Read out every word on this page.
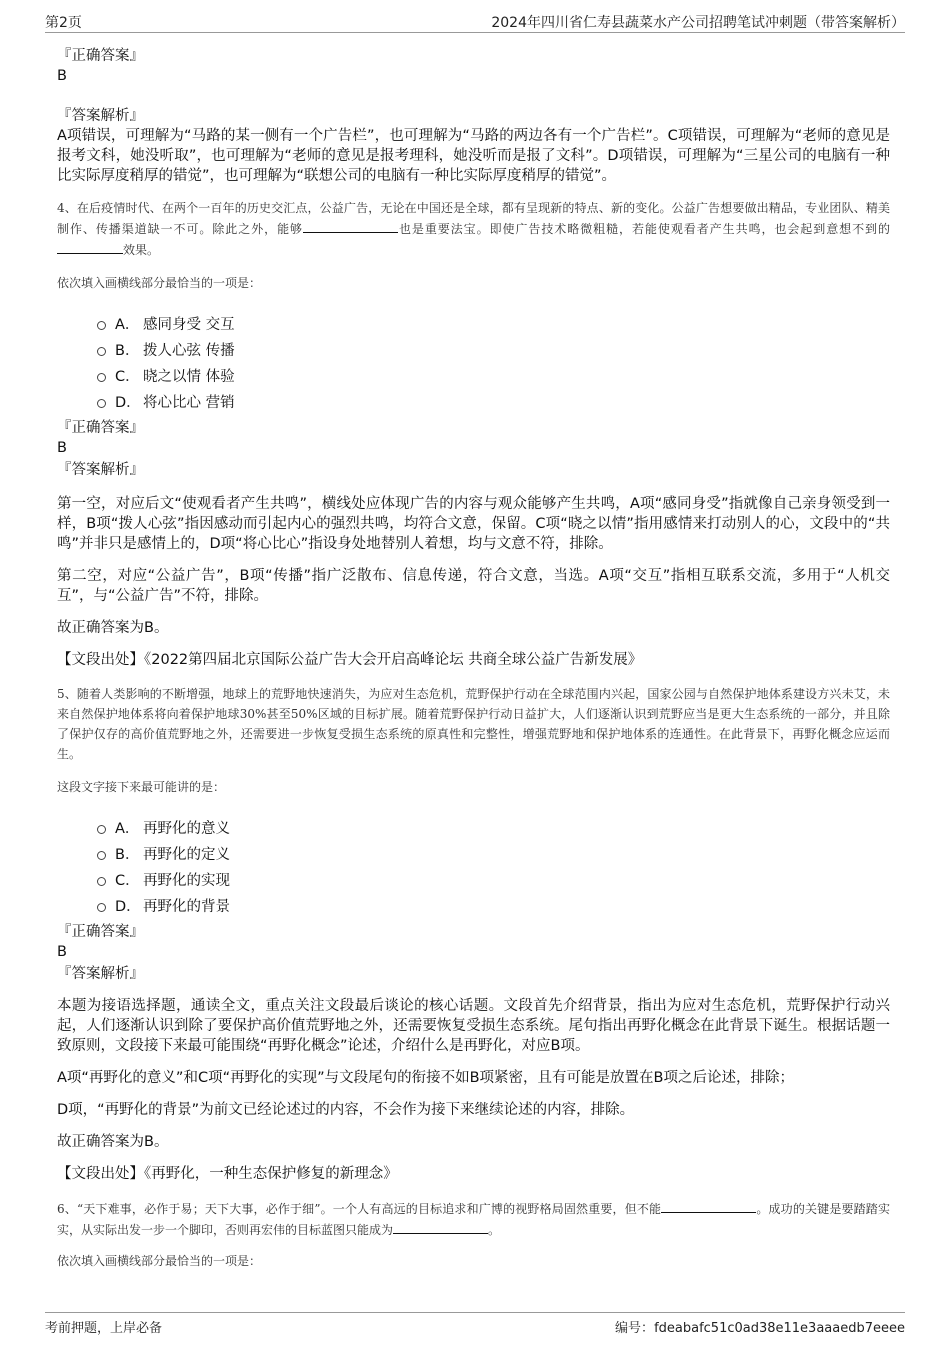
第2页	2024年四川省仁寿县蔬菜水产公司招聘笔试冲刺题（带答案解析）

『正确答案』

B

『答案解析』

A项错误，可理解为“马路的某一侧有一个广告栏”，也可理解为“马路的两边各有一个广告栏”。C项错误，可理解为“老师的意见是报考文科，她没听取”，也可理解为“老师的意见是报考理科，她没听而是报了文科”。D项错误，可理解为“三星公司的电脑有一种比实际厚度稍厚的错觉”，也可理解为“联想公司的电脑有一种比实际厚度稍厚的错觉”。

4、在后疫情时代、在两个一百年的历史交汇点，公益广告，无论在中国还是全球，都有呈现新的特点、新的变化。公益广告想要做出精品，专业团队、精美制作、传播渠道缺一不可。除此之外，能够	也是重要法宝。即使广告技术略微粗糙，若能使观看者产生共鸣，也会起到意想不到的效果。

依次填入画横线部分最恰当的一项是：
A． 感同身受 交互
B． 拨人心弦 传播
C． 晓之以情 体验
D． 将心比心 营销

『正确答案』

B

『答案解析』

第一空，对应后文“使观看者产生共鸣”，横线处应体现广告的内容与观众能够产生共鸣，A项“感同身受”指就像自己亲身领受到一样，B项“拨人心弦”指因感动而引起内心的强烈共鸣，均符合文意，保留。C项“晓之以情”指用感情来打动别人的心，文段中的“共鸣”并非只是感情上的，D项“将心比心”指设身处地替别人着想，均与文意不符，排除。

第二空，对应“公益广告”，B项“传播”指广泛散布、信息传递，符合文意，当选。A项“交互”指相互联系交流，多用于“人机交互”，与“公益广告”不符，排除。

故正确答案为B。

【文段出处】《2022第四届北京国际公益广告大会开启高峰论坛 共商全球公益广告新发展》

5、随着人类影响的不断增强，地球上的荒野地快速消失，为应对生态危机，荒野保护行动在全球范围内兴起，国家公园与自然保护地体系建设方兴未艾，未来自然保护地体系将向着保护地球30%甚至50%区域的目标扩展。随着荒野保护行动日益扩大，人们逐渐认识到荒野应当是更大生态系统的一部分，并且除了保护仅存的高价值荒野地之外，还需要进一步恢复受损生态系统的原真性和完整性，增强荒野地和保护地体系的连通性。在此背景下，再野化概念应运而生。

这段文字接下来最可能讲的是：
A． 再野化的意义
B． 再野化的定义
C． 再野化的实现
D． 再野化的背景

『正确答案』

B

『答案解析』

本题为接语选择题，通读全文，重点关注文段最后谈论的核心话题。文段首先介绍背景，指出为应对生态危机，荒野保护行动兴起，人们逐渐认识到除了要保护高价值荒野地之外，还需要恢复受损生态系统。尾句指出再野化概念在此背景下诞生。根据话题一致原则，文段接下来最可能围绕“再野化概念”论述，介绍什么是再野化，对应B项。

A项“再野化的意义”和C项“再野化的实现”与文段尾句的衔接不如B项紧密，且有可能是放置在B项之后论述，排除；

D项，“再野化的背景”为前文已经论述过的内容，不会作为接下来继续论述的内容，排除。

故正确答案为B。

【文段出处】《再野化，一种生态保护修复的新理念》

6、“天下难事，必作于易；天下大事，必作于细”。一个人有高远的目标追求和广博的视野格局固然重要，但不能	。成功的关键是要踏踏实实，从实际出发一步一个脚印，否则再宏伟的目标蓝图只能成为	。

依次填入画横线部分最恰当的一项是：
考前押题，上岸必备	编号：fdeabafc51c0ad38e11e3aaaedb7eeee
